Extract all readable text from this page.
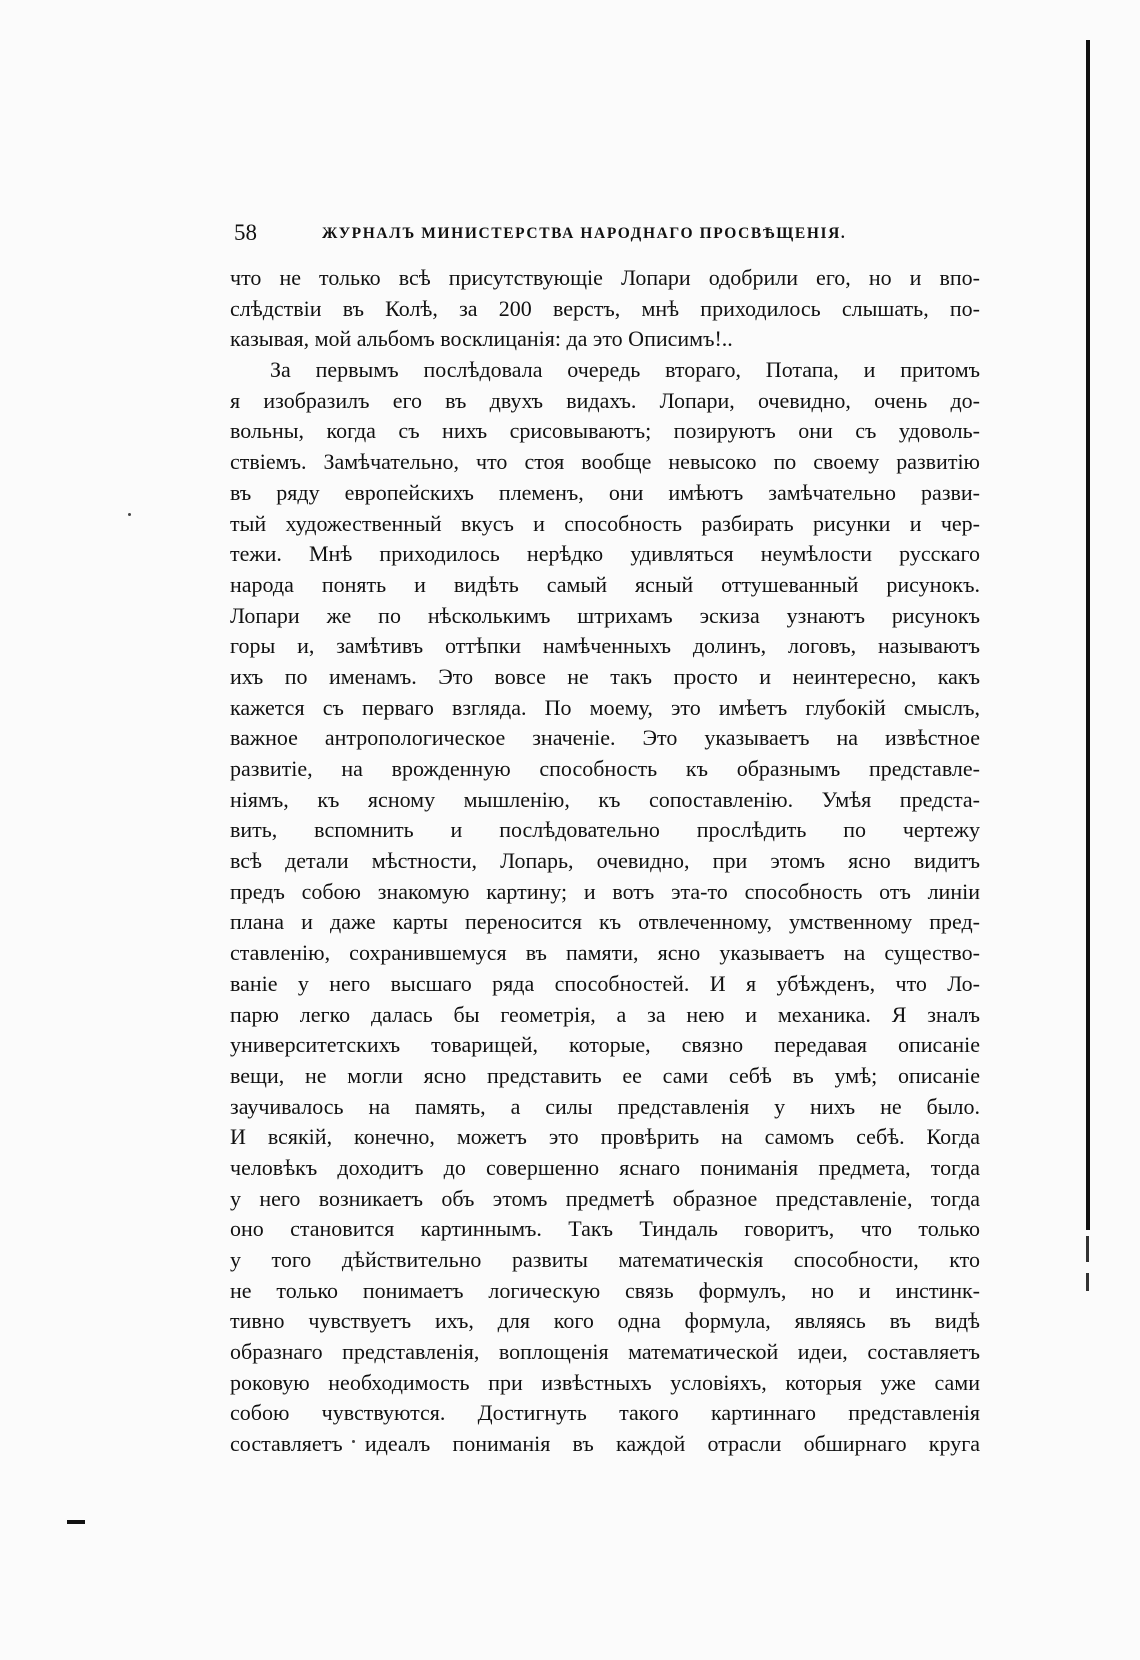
58	ЖУРНАЛЪ МИНИСТЕРСТВА НАРОДНАГО ПРОСВѢЩЕНІЯ.
что не только всѣ присутствующіе Лопари одобрили его, но и впо-
слѣдствіи въ Колѣ, за 200 верстъ, мнѣ приходилось слышать, по-
казывая, мой альбомъ восклицанія: да это Описимъ!..
За первымъ послѣдовала очередь втораго, Потапа, и притомъ
я изобразилъ его въ двухъ видахъ. Лопари, очевидно, очень до-
вольны, когда съ нихъ срисовываютъ; позируютъ они съ удоволь-
ствіемъ. Замѣчательно, что стоя вообще невысоко по своему развитію
въ ряду европейскихъ племенъ, они имѣютъ замѣчательно разви-
тый художественный вкусъ и способность разбирать рисунки и чер-
тежи. Мнѣ приходилось нерѣдко удивляться неумѣлости русскаго
народа понять и видѣть самый ясный оттушеванный рисунокъ.
Лопари же по нѣсколькимъ штрихамъ эскиза узнаютъ рисунокъ
горы и, замѣтивъ оттѣпки намѣченныхъ долинъ, логовъ, называютъ
ихъ по именамъ. Это вовсе не такъ просто и неинтересно, какъ
кажется съ перваго взгляда. По моему, это имѣетъ глубокій смыслъ,
важное антропологическое значеніе. Это указываетъ на извѣстное
развитіе, на врожденную способность къ образнымъ представле-
ніямъ, къ ясному мышленію, къ сопоставленію. Умѣя предста-
вить, вспомнить и послѣдовательно прослѣдить по чертежу
всѣ детали мѣстности, Лопарь, очевидно, при этомъ ясно видитъ
предъ собою знакомую картину; и вотъ эта-то способность отъ линіи
плана и даже карты переносится къ отвлеченному, умственному пред-
ставленію, сохранившемуся въ памяти, ясно указываетъ на существо-
ваніе у него высшаго ряда способностей. И я убѣжденъ, что Ло-
парю легко далась бы геометрія, а за нею и механика. Я зналъ
университетскихъ товарищей, которые, связно передавая описаніе
вещи, не могли ясно представить ее сами себѣ въ умѣ; описаніе
заучивалось на память, а силы представленія у нихъ не было.
И всякій, конечно, можетъ это провѣрить на самомъ себѣ. Когда
человѣкъ доходитъ до совершенно яснаго пониманія предмета, тогда
у него возникаетъ объ этомъ предметѣ образное представленіе, тогда
оно становится картиннымъ. Такъ Тиндаль говоритъ, что только
у того дѣйствительно развиты математическія способности, кто
не только понимаетъ логическую связь формулъ, но и инстинк-
тивно чувствуетъ ихъ, для кого одна формула, являясь въ видѣ
образнаго представленія, воплощенія математической идеи, составляетъ
роковую необходимость при извѣстныхъ условіяхъ, которыя уже сами
собою чувствуются. Достигнуть такого картиннаго представленія
составляетъ идеалъ пониманія въ каждой отрасли обширнаго круга
